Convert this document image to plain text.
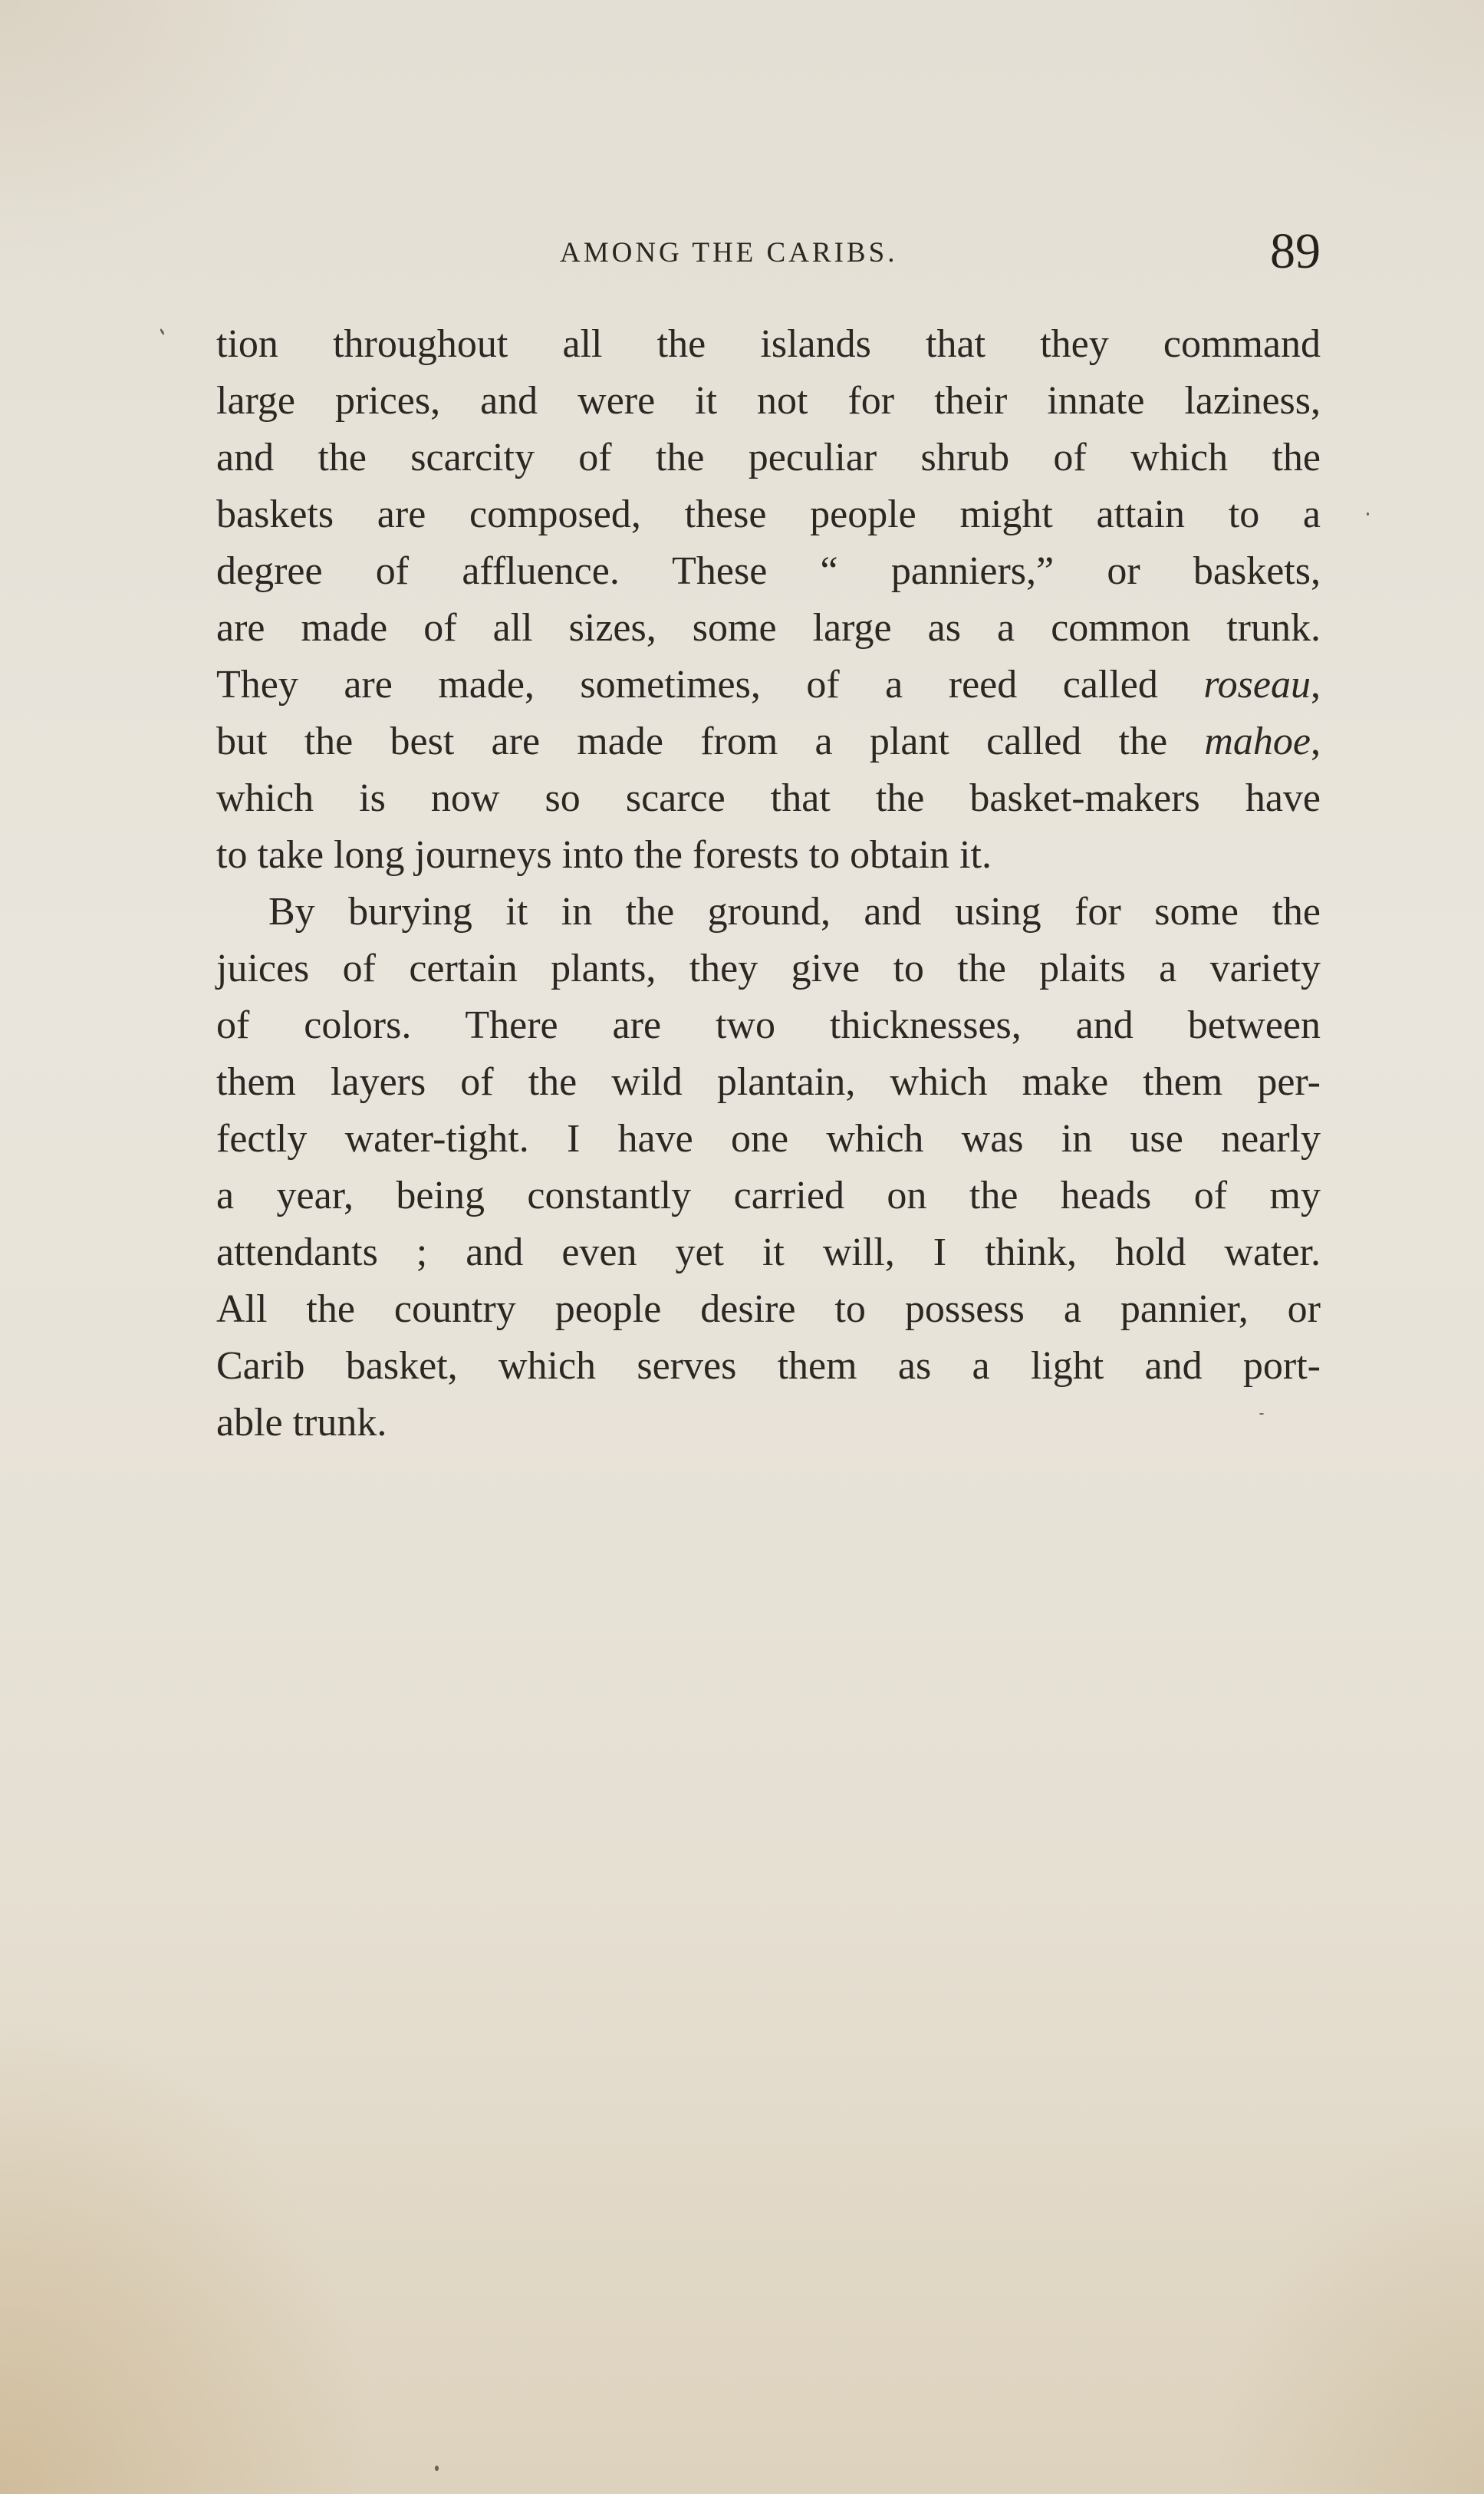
AMONG THE CARIBS.	89
tion throughout all the islands that they command
large prices, and were it not for their innate laziness,
and the scarcity of the peculiar shrub of which the
baskets are composed, these people might attain to a
degree of affluence. These “ panniers,” or baskets,
are made of all sizes, some large as a common trunk.
They are made, sometimes, of a reed called roseau,
but the best are made from a plant called the mahoe,
which is now so scarce that the basket-makers have
to take long journeys into the forests to obtain it.
By burying it in the ground, and using for some the
juices of certain plants, they give to the plaits a variety
of colors. There are two thicknesses, and between
them layers of the wild plantain, which make them per-
fectly water-tight. I have one which was in use nearly
a year, being constantly carried on the heads of my
attendants ; and even yet it will, I think, hold water.
All the country people desire to possess a pannier, or
Carib basket, which serves them as a light and port-
able trunk.
